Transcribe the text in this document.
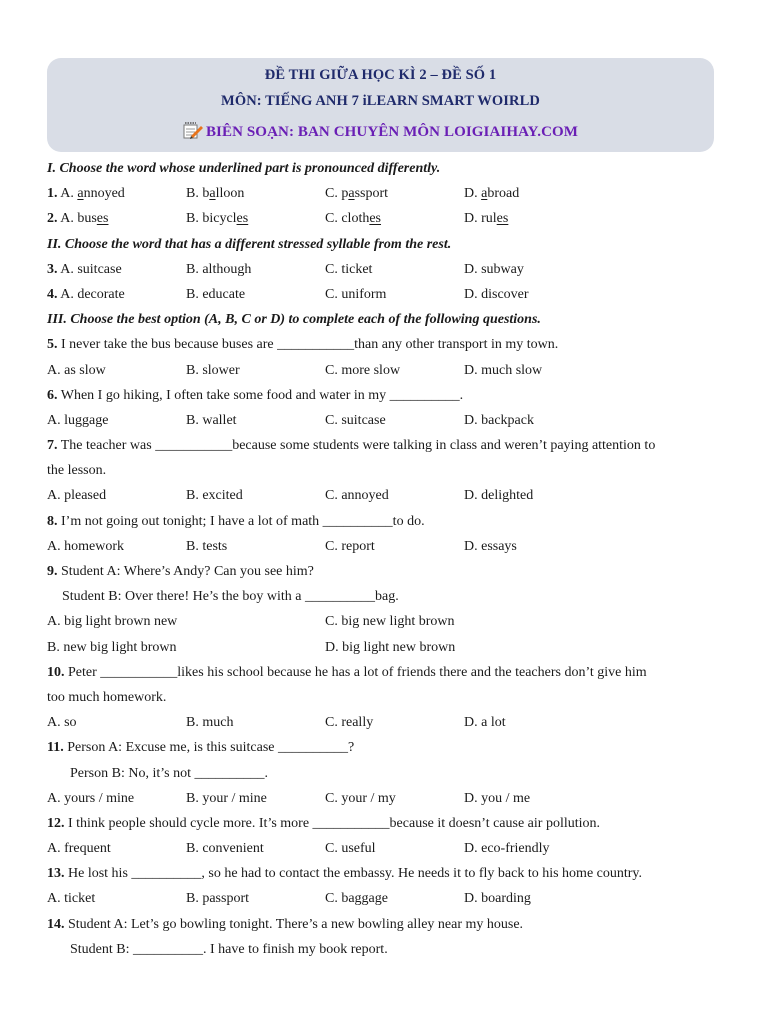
ĐỀ THI GIỮA HỌC KÌ 2 – ĐỀ SỐ 1
MÔN: TIẾNG ANH 7 iLEARN SMART WOIRLD
BIÊN SOẠN: BAN CHUYÊN MÔN LOIGIAIHAY.COM
I. Choose the word whose underlined part is pronounced differently.
1. A. annoyed	B. balloon	C. passport	D. abroad
2. A. buses	B. bicycles	C. clothes	D. rules
II. Choose the word that has a different stressed syllable from the rest.
3. A. suitcase	B. although	C. ticket	D. subway
4. A. decorate	B. educate	C. uniform	D. discover
III. Choose the best option (A, B, C or D) to complete each of the following questions.
5. I never take the bus because buses are ___________than any other transport in my town.
A. as slow	B. slower	C. more slow	D. much slow
6. When I go hiking, I often take some food and water in my __________.
A. luggage	B. wallet	C. suitcase	D. backpack
7. The teacher was ___________because some students were talking in class and weren’t paying attention to
the lesson.
A. pleased	B. excited	C. annoyed	D. delighted
8. I’m not going out tonight; I have a lot of math __________to do.
A. homework	B. tests	C. report	D. essays
9. Student A: Where’s Andy? Can you see him?
Student B: Over there! He’s the boy with a __________bag.
A. big light brown new	C. big new light brown
B. new big light brown	D. big light new brown
10. Peter ___________likes his school because he has a lot of friends there and the teachers don’t give him
too much homework.
A. so	B. much	C. really	D. a lot
11. Person A: Excuse me, is this suitcase __________?
Person B: No, it’s not __________.
A. yours / mine	B. your / mine	C. your / my	D. you / me
12. I think people should cycle more. It’s more ___________because it doesn’t cause air pollution.
A. frequent	B. convenient	C. useful	D. eco-friendly
13. He lost his __________, so he had to contact the embassy. He needs it to fly back to his home country.
A. ticket	B. passport	C. baggage	D. boarding
14. Student A: Let’s go bowling tonight. There’s a new bowling alley near my house.
Student B: __________. I have to finish my book report.
